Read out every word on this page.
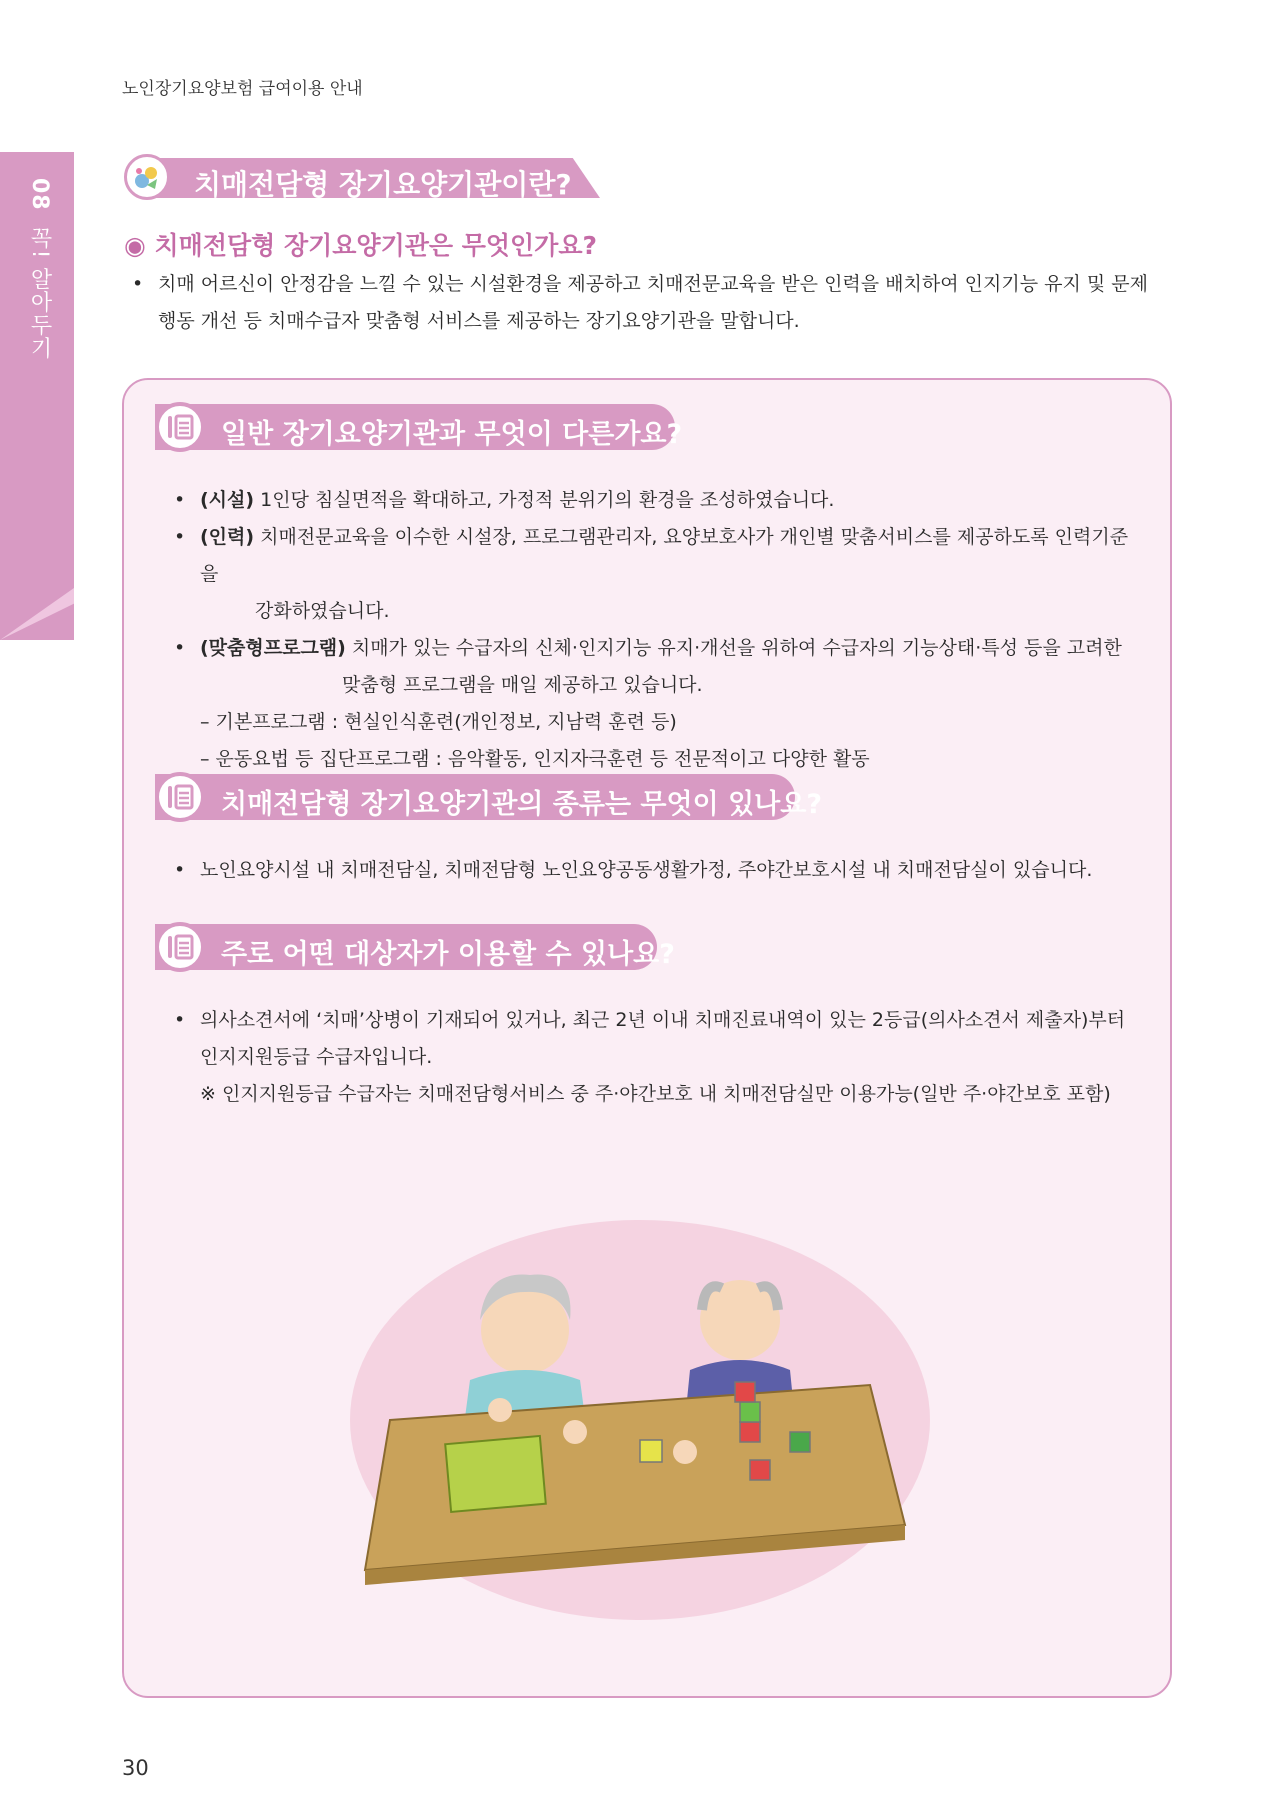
노인장기요양보험 급여이용 안내
08 꼭! 알아두기
치매전담형 장기요양기관이란?
◉ 치매전담형 장기요양기관은 무엇인가요?
• 치매 어르신이 안정감을 느낄 수 있는 시설환경을 제공하고 치매전문교육을 받은 인력을 배치하여 인지기능 유지 및 문제
행동 개선 등 치매수급자 맞춤형 서비스를 제공하는 장기요양기관을 말합니다.
일반 장기요양기관과 무엇이 다른가요?
• (시설) 1인당 침실면적을 확대하고, 가정적 분위기의 환경을 조성하였습니다.
• (인력) 치매전문교육을 이수한 시설장, 프로그램관리자, 요양보호사가 개인별 맞춤서비스를 제공하도록 인력기준을
강화하였습니다.
• (맞춤형프로그램) 치매가 있는 수급자의 신체·인지기능 유지·개선을 위하여 수급자의 기능상태·특성 등을 고려한
맞춤형 프로그램을 매일 제공하고 있습니다.
– 기본프로그램 : 현실인식훈련(개인정보, 지남력 훈련 등)
– 운동요법 등 집단프로그램 : 음악활동, 인지자극훈련 등 전문적이고 다양한 활동
치매전담형 장기요양기관의 종류는 무엇이 있나요?
• 노인요양시설 내 치매전담실, 치매전담형 노인요양공동생활가정, 주야간보호시설 내 치매전담실이 있습니다.
주로 어떤 대상자가 이용할 수 있나요?
• 의사소견서에 ‘치매’상병이 기재되어 있거나, 최근 2년 이내 치매진료내역이 있는 2등급(의사소견서 제출자)부터
인지지원등급 수급자입니다.
※ 인지지원등급 수급자는 치매전담형서비스 중 주·야간보호 내 치매전담실만 이용가능(일반 주·야간보호 포함)
30
